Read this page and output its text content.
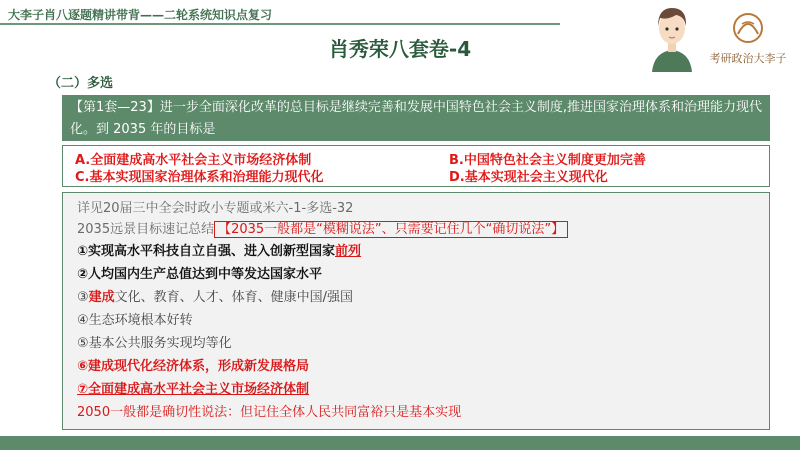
大李子肖八逐题精讲带背——二轮系统知识点复习
肖秀荣八套卷-4	考研政治大李子
（二）多选
【第1套—23】进一步全面深化改革的总目标是继续完善和发展中国特色社会主义制度,推进国家治理体系和治理能力现代化。到 2035 年的目标是
A.全面建成高水平社会主义市场经济体制	B.中国特色社会主义制度更加完善
C.基本实现国家治理体系和治理能力现代化	D.基本实现社会主义现代化
详见20届三中全会时政小专题或米六-1-多选-32
2035远景目标速记总结 【2035一般都是“模糊说法”、只需要记住几个“确切说法”】
①实现高水平科技自立自强、进入创新型国家前列
②人均国内生产总值达到中等发达国家水平
③建成文化、教育、人才、体育、健康中国/强国
④生态环境根本好转
⑤基本公共服务实现均等化
⑥建成现代化经济体系，形成新发展格局
⑦全面建成高水平社会主义市场经济体制
2050一般都是确切性说法：但记住全体人民共同富裕只是基本实现
